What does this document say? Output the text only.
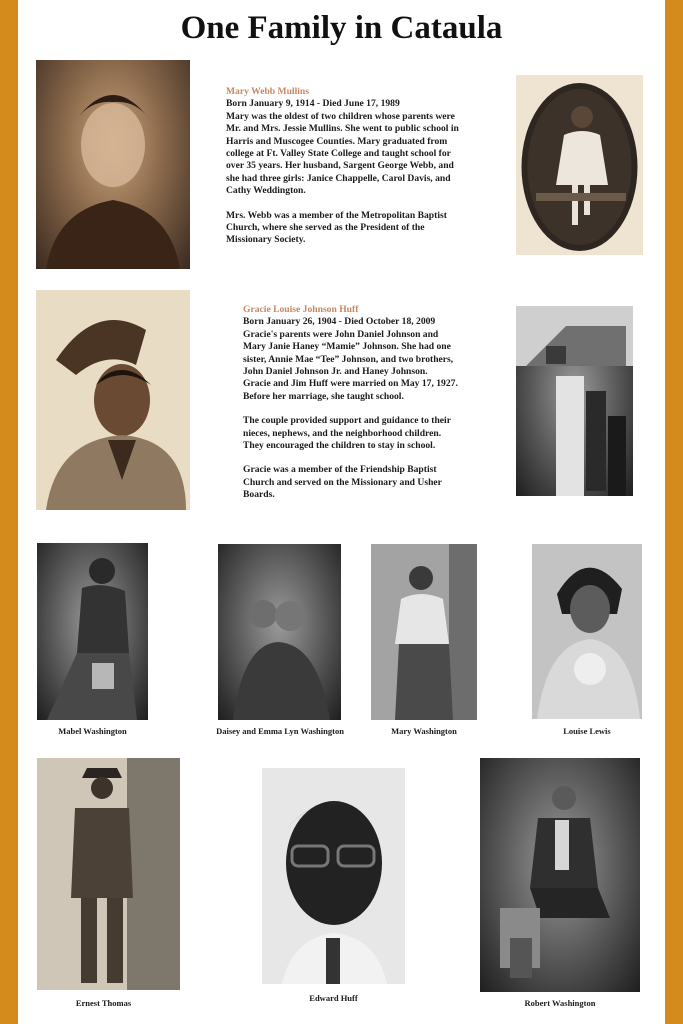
One Family in Cataula

Mary Webb Mullins

Born January 9, 1914 - Died June 17, 1989

Mary was the oldest of two children whose parents were

Mr. and Mrs. Jessie Mullins. She went to public school in

Harris and Muscogee Counties. Mary graduated from

college at Ft. Valley State College and taught school for

over 35 years. Her husband, Sargent George Webb, and

she had three girls: Janice Chappelle, Carol Davis, and

Cathy Weddington.

Mrs. Webb was a member of the Metropolitan Baptist

Church, where she served as the President of the

Missionary Society.

Gracie Louise Johnson Huff

Born January 26, 1904 - Died October 18, 2009

Gracie's parents were John Daniel Johnson and

Mary Janie Haney “Mamie” Johnson. She had one

sister, Annie Mae “Tee” Johnson, and two brothers,

John Daniel Johnson Jr. and Haney Johnson.

Gracie and Jim Huff were married on May 17, 1927.

Before her marriage, she taught school.

The couple provided support and guidance to their

nieces, nephews, and the neighborhood children.

They encouraged the children to stay in school.

Gracie was a member of the Friendship Baptist

Church and served on the Missionary and Usher

Boards.

Mabel Washington	Daisey and Emma Lyn Washington	Mary Washington	Louise Lewis
Ernest Thomas	Edward Huff	Robert Washington
